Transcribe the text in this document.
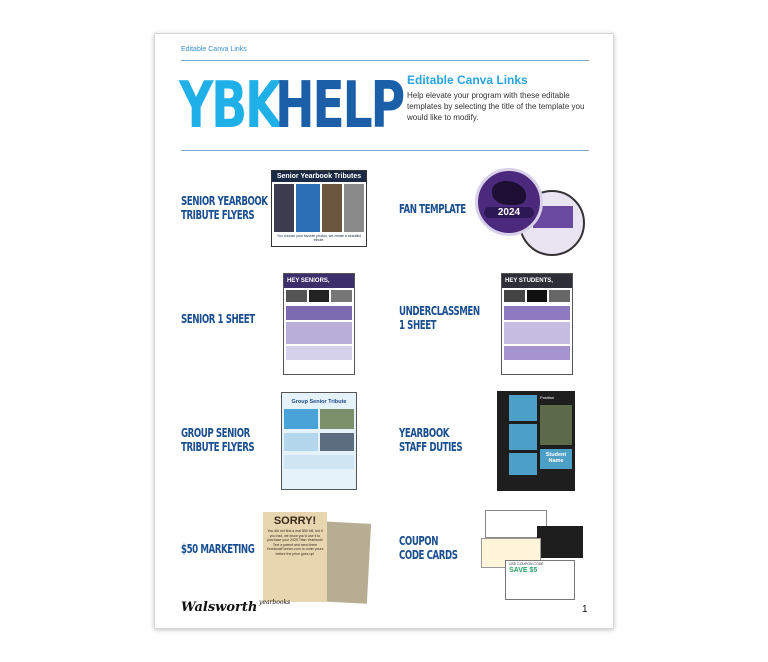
Editable Canva Links
YBK
HELP Editable Canva Links
Help elevate your program with these editable templates by selecting the title of the template you would like to modify.
SENIOR YEARBOOK
TRIBUTE FLYERS
Senior Yearbook Tributes
You choose your favorite photos, we create a beautiful tribute.
FAN TEMPLATE	2024
SENIOR 1 SHEET
HEY SENIORS,
UNDERCLASSMEN
1 SHEET
HEY STUDENTS,
GROUP SENIOR
TRIBUTE FLYERS
Group Senior Tribute
YEARBOOK
STAFF DUTIES
Position
Student Name
$50 MARKETING
SORRY!
You did not find a real $50 bill, but if you had, we know you'd use it to purchase your 2025 Titan Yearbook! Text a parent and send them YearbookForever.com to order yours before the price goes up!
COUPON
CODE CARDS
USE COUPON CODE
SAVE $5
Walsworth yearbooks
1
